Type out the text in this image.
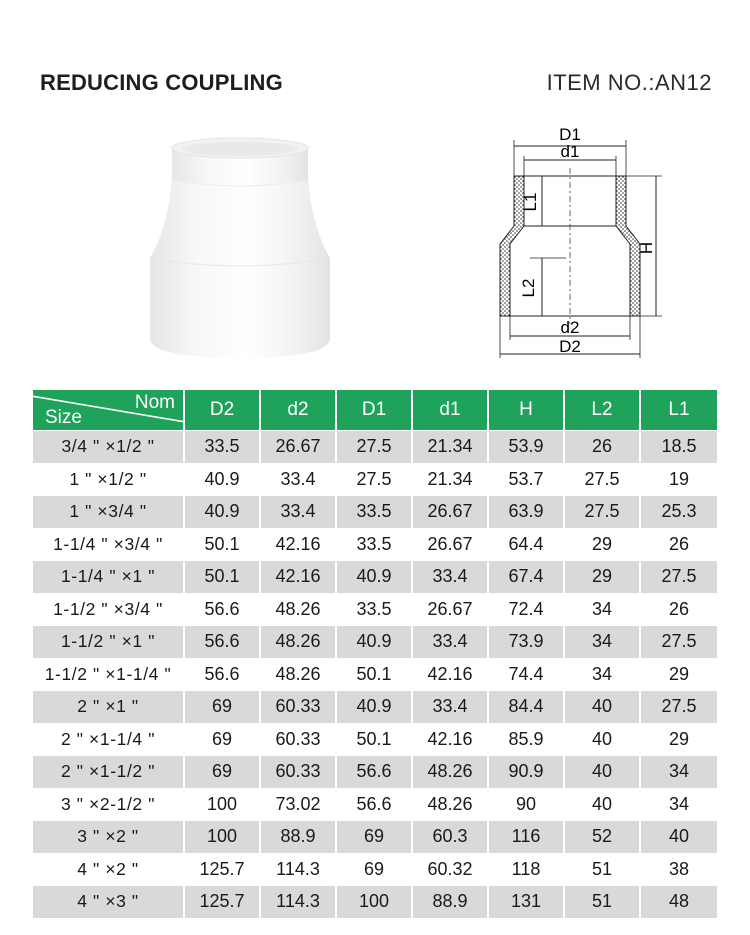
REDUCING COUPLING	ITEM NO.:AN12
D1
d1
L1
L2
H
d2
D2
Nom
Size	D2	d2	D1	d1	H	L2	L1
3/4 " ×1/2 "	33.5	26.67	27.5	21.34	53.9	26	18.5
1 " ×1/2 "	40.9	33.4	27.5	21.34	53.7	27.5	19
1 " ×3/4 "	40.9	33.4	33.5	26.67	63.9	27.5	25.3
1-1/4 " ×3/4 "	50.1	42.16	33.5	26.67	64.4	29	26
1-1/4 " ×1 "	50.1	42.16	40.9	33.4	67.4	29	27.5
1-1/2 " ×3/4 "	56.6	48.26	33.5	26.67	72.4	34	26
1-1/2 " ×1 "	56.6	48.26	40.9	33.4	73.9	34	27.5
1-1/2 " ×1-1/4 "	56.6	48.26	50.1	42.16	74.4	34	29
2 " ×1 "	69	60.33	40.9	33.4	84.4	40	27.5
2 " ×1-1/4 "	69	60.33	50.1	42.16	85.9	40	29
2 " ×1-1/2 "	69	60.33	56.6	48.26	90.9	40	34
3 " ×2-1/2 "	100	73.02	56.6	48.26	90	40	34
3 " ×2 "	100	88.9	69	60.3	116	52	40
4 " ×2 "	125.7	114.3	69	60.32	118	51	38
4 " ×3 "	125.7	114.3	100	88.9	131	51	48
